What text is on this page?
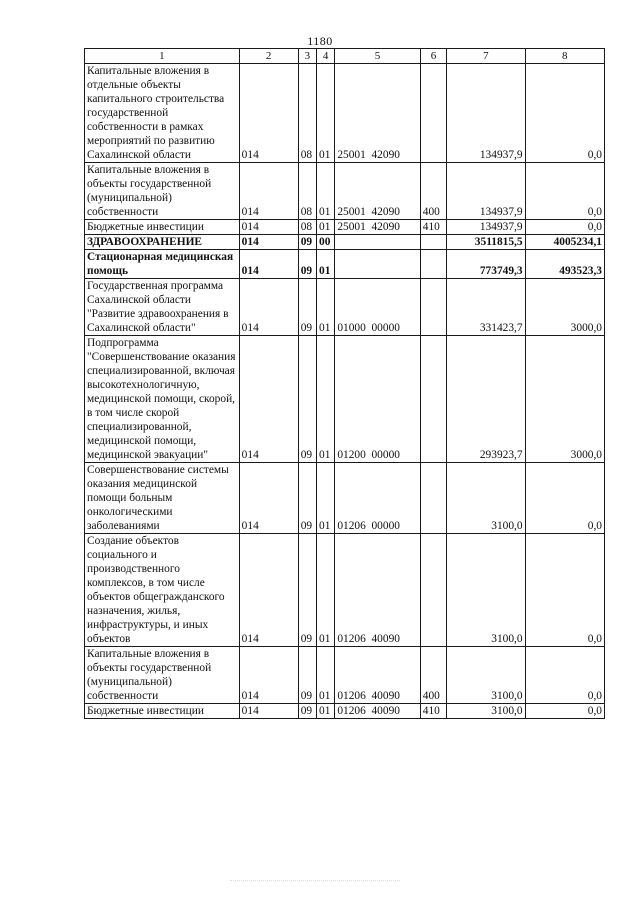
1180
1	2	3	4	5	6	7	8
Капитальные вложения в отдельные объекты капитального строительства государственной собственности в рамках мероприятий по развитию Сахалинской области	014	08	01	25001  42090		134937,9	0,0
Капитальные вложения в объекты государственной (муниципальной) собственности	014	08	01	25001  42090	400	134937,9	0,0
Бюджетные инвестиции	014	08	01	25001  42090	410	134937,9	0,0
ЗДРАВООХРАНЕНИЕ	014	09	00			3511815,5	4005234,1
Стационарная медицинская помощь	014	09	01			773749,3	493523,3
Государственная программа Сахалинской области "Развитие здравоохранения в Сахалинской области"	014	09	01	01000  00000		331423,7	3000,0
Подпрограмма "Совершенствование оказания специализированной, включая высокотехнологичную, медицинской помощи, скорой, в том числе скорой специализированной, медицинской помощи, медицинской эвакуации"	014	09	01	01200  00000		293923,7	3000,0
Совершенствование системы оказания медицинской помощи больным онкологическими заболеваниями	014	09	01	01206  00000		3100,0	0,0
Создание объектов социального и производственного комплексов, в том числе объектов общегражданского назначения, жилья, инфраструктуры, и иных объектов	014	09	01	01206  40090		3100,0	0,0
Капитальные вложения в объекты государственной (муниципальной) собственности	014	09	01	01206  40090	400	3100,0	0,0
Бюджетные инвестиции	014	09	01	01206  40090	410	3100,0	0,0
